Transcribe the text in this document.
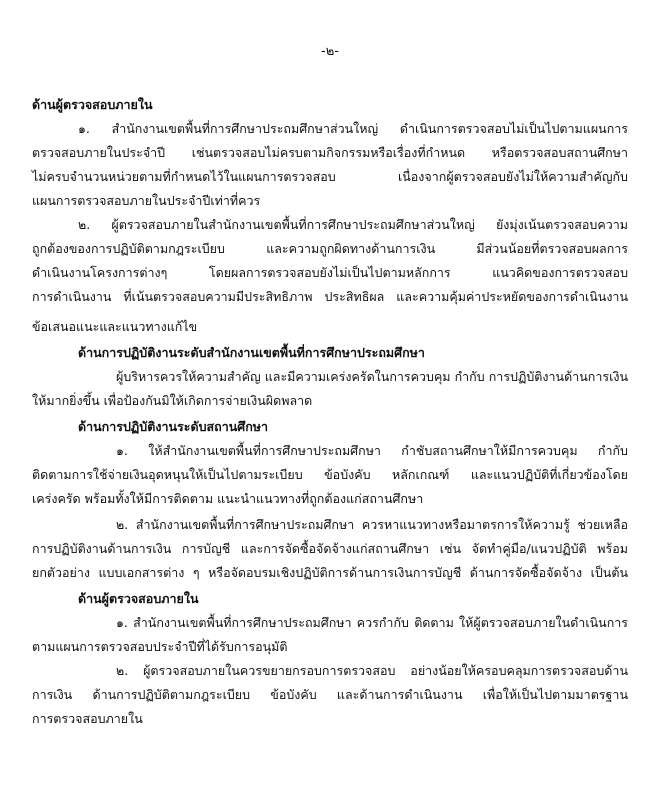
-๒-
ด้านผู้ตรวจสอบภายใน
๑. สำนักงานเขตพื้นที่การศึกษาประถมศึกษาส่วนใหญ่ ดำเนินการตรวจสอบไม่เป็นไปตามแผนการ
ตรวจสอบภายในประจำปี เช่นตรวจสอบไม่ครบตามกิจกรรมหรือเรื่องที่กำหนด หรือตรวจสอบสถานศึกษา
ไม่ครบจำนวนหน่วยตามที่กำหนดไว้ในแผนการตรวจสอบ เนื่องจากผู้ตรวจสอบยังไม่ให้ความสำคัญกับ
แผนการตรวจสอบภายในประจำปีเท่าที่ควร
๒. ผู้ตรวจสอบภายในสำนักงานเขตพื้นที่การศึกษาประถมศึกษาส่วนใหญ่ ยังมุ่งเน้นตรวจสอบความ
ถูกต้องของการปฏิบัติตามกฎระเบียบ และความถูกผิดทางด้านการเงิน มีส่วนน้อยที่ตรวจสอบผลการ
ดำเนินงานโครงการต่างๆ โดยผลการตรวจสอบยังไม่เป็นไปตามหลักการ แนวคิดของการตรวจสอบ
การดำเนินงาน ที่เน้นตรวจสอบความมีประสิทธิภาพ ประสิทธิผล และความคุ้มค่าประหยัดของการดำเนินงาน
ข้อเสนอแนะและแนวทางแก้ไข
ด้านการปฏิบัติงานระดับสำนักงานเขตพื้นที่การศึกษาประถมศึกษา
ผู้บริหารควรให้ความสำคัญ และมีความเคร่งครัดในการควบคุม กำกับ การปฏิบัติงานด้านการเงิน
ให้มากยิ่งขึ้น เพื่อป้องกันมิให้เกิดการจ่ายเงินผิดพลาด
ด้านการปฏิบัติงานระดับสถานศึกษา
๑. ให้สำนักงานเขตพื้นที่การศึกษาประถมศึกษา กำชับสถานศึกษาให้มีการควบคุม กำกับ
ติดตามการใช้จ่ายเงินอุดหนุนให้เป็นไปตามระเบียบ ข้อบังคับ หลักเกณฑ์ และแนวปฏิบัติที่เกี่ยวข้องโดย
เคร่งครัด พร้อมทั้งให้มีการติดตาม แนะนำแนวทางที่ถูกต้องแก่สถานศึกษา
๒. สำนักงานเขตพื้นที่การศึกษาประถมศึกษา ควรหาแนวทางหรือมาตรการให้ความรู้ ช่วยเหลือ
การปฏิบัติงานด้านการเงิน การบัญชี และการจัดซื้อจัดจ้างแก่สถานศึกษา เช่น จัดทำคู่มือ/แนวปฏิบัติ พร้อม
ยกตัวอย่าง แบบเอกสารต่าง ๆ หรือจัดอบรมเชิงปฏิบัติการด้านการเงินการบัญชี ด้านการจัดซื้อจัดจ้าง เป็นต้น
ด้านผู้ตรวจสอบภายใน
๑. สำนักงานเขตพื้นที่การศึกษาประถมศึกษา ควรกำกับ ติดตาม ให้ผู้ตรวจสอบภายในดำเนินการ
ตามแผนการตรวจสอบประจำปีที่ได้รับการอนุมัติ
๒. ผู้ตรวจสอบภายในควรขยายกรอบการตรวจสอบ อย่างน้อยให้ครอบคลุมการตรวจสอบด้าน
การเงิน ด้านการปฏิบัติตามกฎระเบียบ ข้อบังคับ และด้านการดำเนินงาน เพื่อให้เป็นไปตามมาตรฐาน
การตรวจสอบภายใน
